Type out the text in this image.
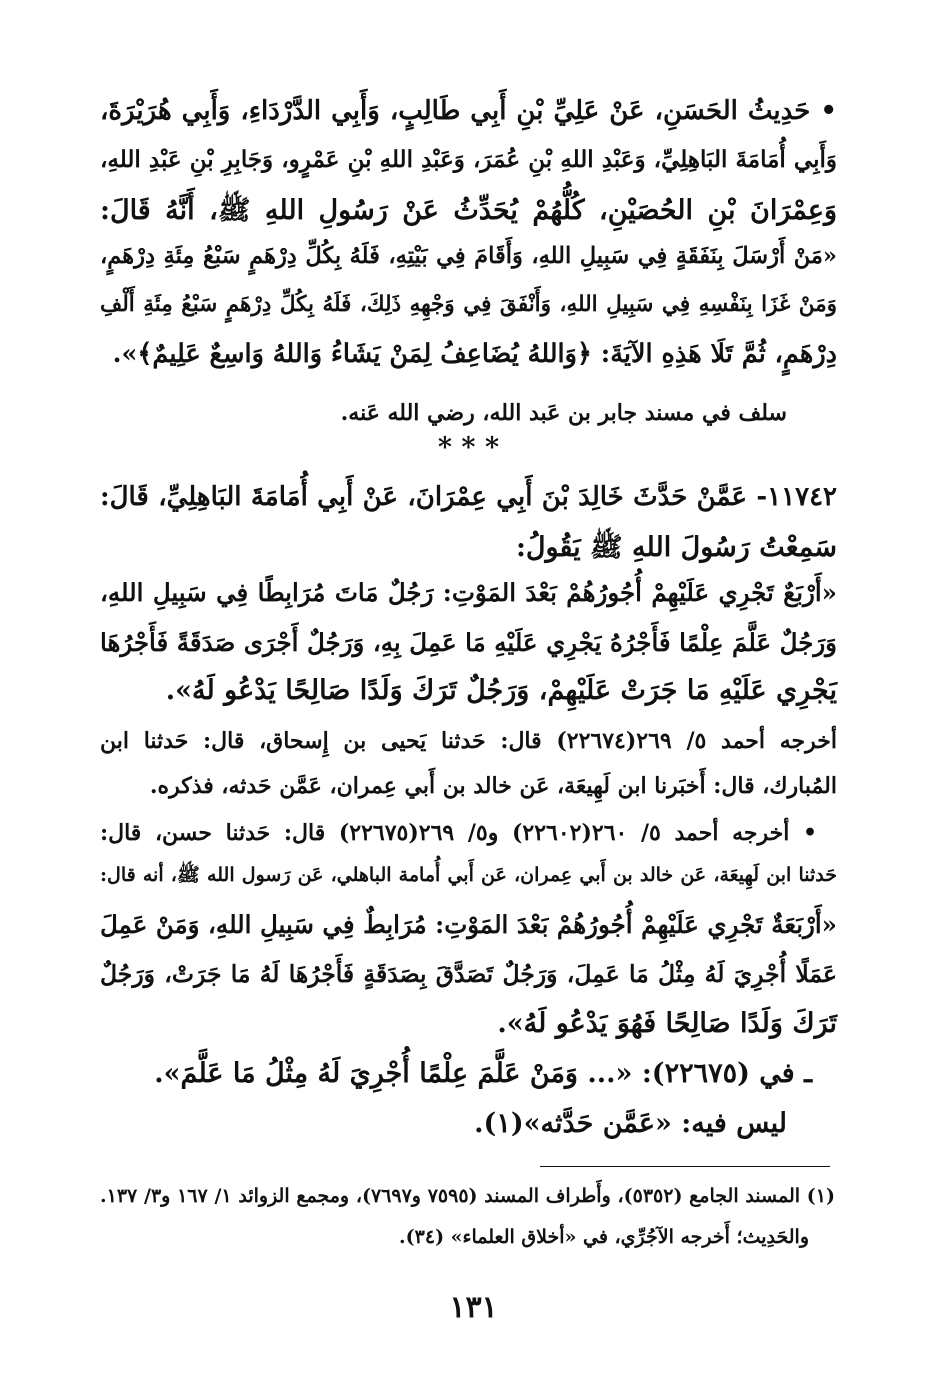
• حَدِيثُ الحَسَنِ، عَنْ عَلِيِّ بْنِ أَبِي طَالِبٍ، وَأَبِي الدَّرْدَاءِ، وَأَبِي هُرَيْرَةَ،
وَأَبِي أُمَامَةَ البَاهِلِيِّ، وَعَبْدِ اللهِ بْنِ عُمَرَ، وَعَبْدِ اللهِ بْنِ عَمْرٍو، وَجَابِرِ بْنِ عَبْدِ اللهِ،
وَعِمْرَانَ بْنِ الحُصَيْنِ، كُلُّهُمْ يُحَدِّثُ عَنْ رَسُولِ اللهِ ﷺ، أَنَّهُ قَالَ:
«مَنْ أَرْسَلَ بِنَفَقَةٍ فِي سَبِيلِ اللهِ، وَأَقَامَ فِي بَيْتِهِ، فَلَهُ بِكُلِّ دِرْهَمٍ سَبْعُ مِئَةِ دِرْهَمٍ،
وَمَنْ غَزَا بِنَفْسِهِ فِي سَبِيلِ اللهِ، وَأَنْفَقَ فِي وَجْهِهِ ذَلِكَ، فَلَهُ بِكُلِّ دِرْهَمٍ سَبْعُ مِئَةِ أَلْفِ
دِرْهَمٍ، ثُمَّ تَلَا هَذِهِ الآيَةَ: ﴿وَاللهُ يُضَاعِفُ لِمَنْ يَشَاءُ وَاللهُ وَاسِعٌ عَلِيمٌ﴾».
سلف في مسند جابر بن عَبد الله، رضي الله عَنه.
* * *
١١٧٤٢- عَمَّنْ حَدَّثَ خَالِدَ بْنَ أَبِي عِمْرَانَ، عَنْ أَبِي أُمَامَةَ البَاهِلِيِّ، قَالَ:
سَمِعْتُ رَسُولَ اللهِ ﷺ يَقُولُ:
«أَرْبَعٌ تَجْرِي عَلَيْهِمْ أُجُورُهُمْ بَعْدَ المَوْتِ: رَجُلٌ مَاتَ مُرَابِطًا فِي سَبِيلِ اللهِ،
وَرَجُلٌ عَلَّمَ عِلْمًا فَأَجْرُهُ يَجْرِي عَلَيْهِ مَا عَمِلَ بِهِ، وَرَجُلٌ أَجْرَى صَدَقَةً فَأَجْرُهَا
يَجْرِي عَلَيْهِ مَا جَرَتْ عَلَيْهِمْ، وَرَجُلٌ تَرَكَ وَلَدًا صَالِحًا يَدْعُو لَهُ».
أخرجه أحمد ٥/ ٢٦٩(٢٢٦٧٤) قال: حَدثنا يَحيى بن إِسحاق، قال: حَدثنا ابن
المُبارك، قال: أَخبَرنا ابن لَهِيعَة، عَن خالد بن أَبي عِمران، عَمَّن حَدثه، فذكره.
• أخرجه أحمد ٥/ ٢٦٠(٢٢٦٠٢) و٥/ ٢٦٩(٢٢٦٧٥) قال: حَدثنا حسن، قال:
حَدثنا ابن لَهِيعَة، عَن خالد بن أَبي عِمران، عَن أَبي أُمامة الباهلي، عَن رَسول الله ﷺ، أنه قال:
«أَرْبَعَةٌ تَجْرِي عَلَيْهِمْ أُجُورُهُمْ بَعْدَ المَوْتِ: مُرَابِطٌ فِي سَبِيلِ اللهِ، وَمَنْ عَمِلَ
عَمَلًا أُجْرِيَ لَهُ مِثْلُ مَا عَمِلَ، وَرَجُلٌ تَصَدَّقَ بِصَدَقَةٍ فَأَجْرُهَا لَهُ مَا جَرَتْ، وَرَجُلٌ
تَرَكَ وَلَدًا صَالِحًا فَهُوَ يَدْعُو لَهُ».
ـ في (٢٢٦٧٥): «... وَمَنْ عَلَّمَ عِلْمًا أُجْرِيَ لَهُ مِثْلُ مَا عَلَّمَ».
ليس فيه: «عَمَّن حَدَّثه»(١).
(١) المسند الجامع (٥٣٥٢)، وأَطراف المسند (٧٥٩٥ و٧٦٩٧)، ومجمع الزوائد ١/ ١٦٧ و٣/ ١٣٧.
والحَدِيث؛ أَخرجه الآجُرِّي، في «أخلاق العلماء» (٣٤).
١٣١
